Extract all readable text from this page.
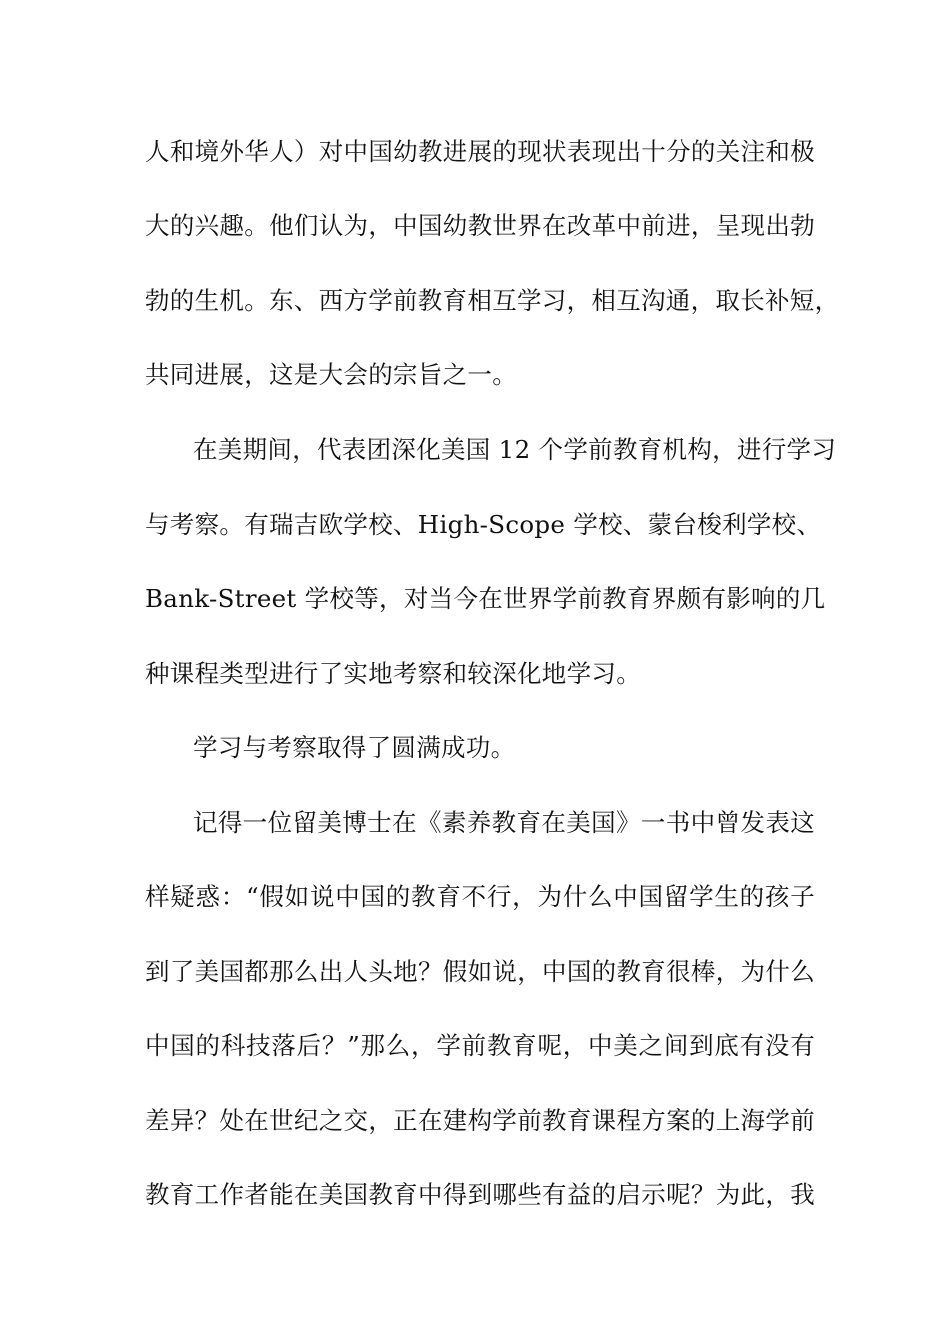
人和境外华人）对中国幼教进展的现状表现出十分的关注和极
大的兴趣。他们认为，中国幼教世界在改革中前进，呈现出勃
勃的生机。东、西方学前教育相互学习，相互沟通，取长补短，
共同进展，这是大会的宗旨之一。
在美期间，代表团深化美国 12 个学前教育机构，进行学习
与考察。有瑞吉欧学校、High-Scope 学校、蒙台梭利学校、
Bank-Street 学校等，对当今在世界学前教育界颇有影响的几
种课程类型进行了实地考察和较深化地学习。
学习与考察取得了圆满成功。
记得一位留美博士在《素养教育在美国》一书中曾发表这
样疑惑：“假如说中国的教育不行，为什么中国留学生的孩子
到了美国都那么出人头地？假如说，中国的教育很棒，为什么
中国的科技落后？”那么，学前教育呢，中美之间到底有没有
差异？处在世纪之交，正在建构学前教育课程方案的上海学前
教育工作者能在美国教育中得到哪些有益的启示呢？为此，我
